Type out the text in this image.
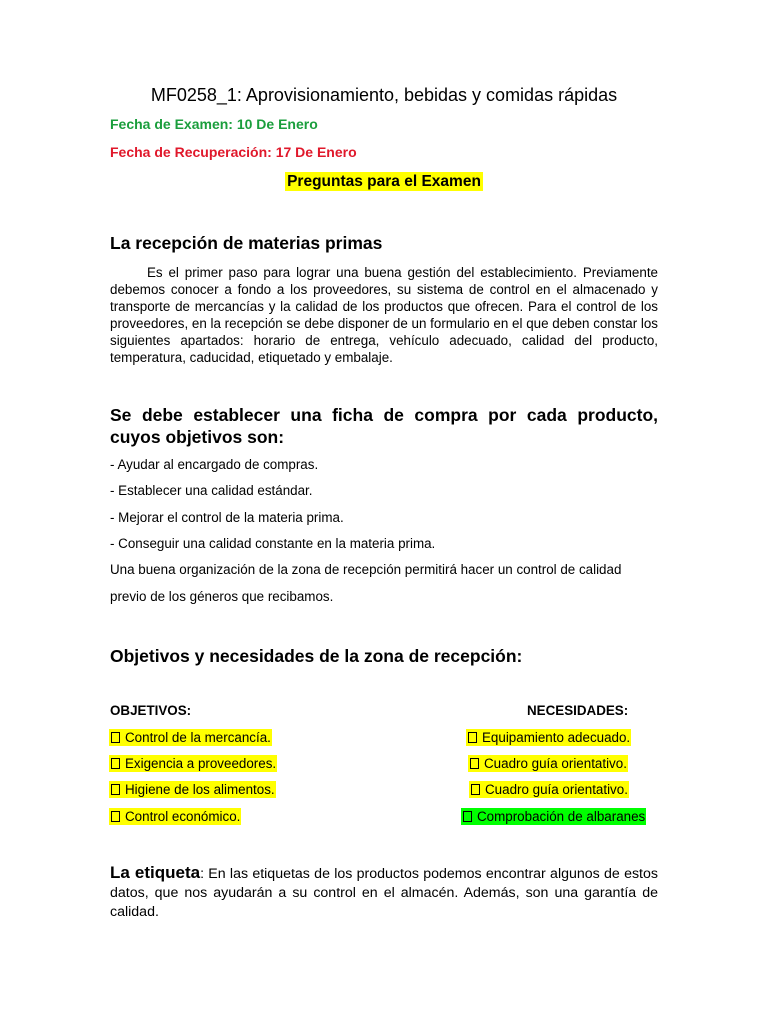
MF0258_1: Aprovisionamiento, bebidas y comidas rápidas
Fecha de Examen: 10 De Enero
Fecha de Recuperación: 17 De Enero
Preguntas para el Examen
La recepción de materias primas
Es el primer paso para lograr una buena gestión del establecimiento. Previamente debemos conocer a fondo a los proveedores, su sistema de control en el almacenado y transporte de mercancías y la calidad de los productos que ofrecen. Para el control de los proveedores, en la recepción se debe disponer de un formulario en el que deben constar los siguientes apartados: horario de entrega, vehículo adecuado, calidad del producto, temperatura, caducidad, etiquetado y embalaje.
Se debe establecer una ficha de compra por cada producto, cuyos objetivos son:
- Ayudar al encargado de compras.
- Establecer una calidad estándar.
- Mejorar el control de la materia prima.
- Conseguir una calidad constante en la materia prima.
Una buena organización de la zona de recepción permitirá hacer un control de calidad
previo de los géneros que recibamos.
Objetivos y necesidades de la zona de recepción:
OBJETIVOS:	NECESIDADES:
Control de la mercancía.
Exigencia a proveedores.
Higiene de los alimentos.
Control económico.
Equipamiento adecuado.
Cuadro guía orientativo.
Cuadro guía orientativo.
Comprobación de albaranes
La etiqueta: En las etiquetas de los productos podemos encontrar algunos de estos datos, que nos ayudarán a su control en el almacén. Además, son una garantía de calidad.
